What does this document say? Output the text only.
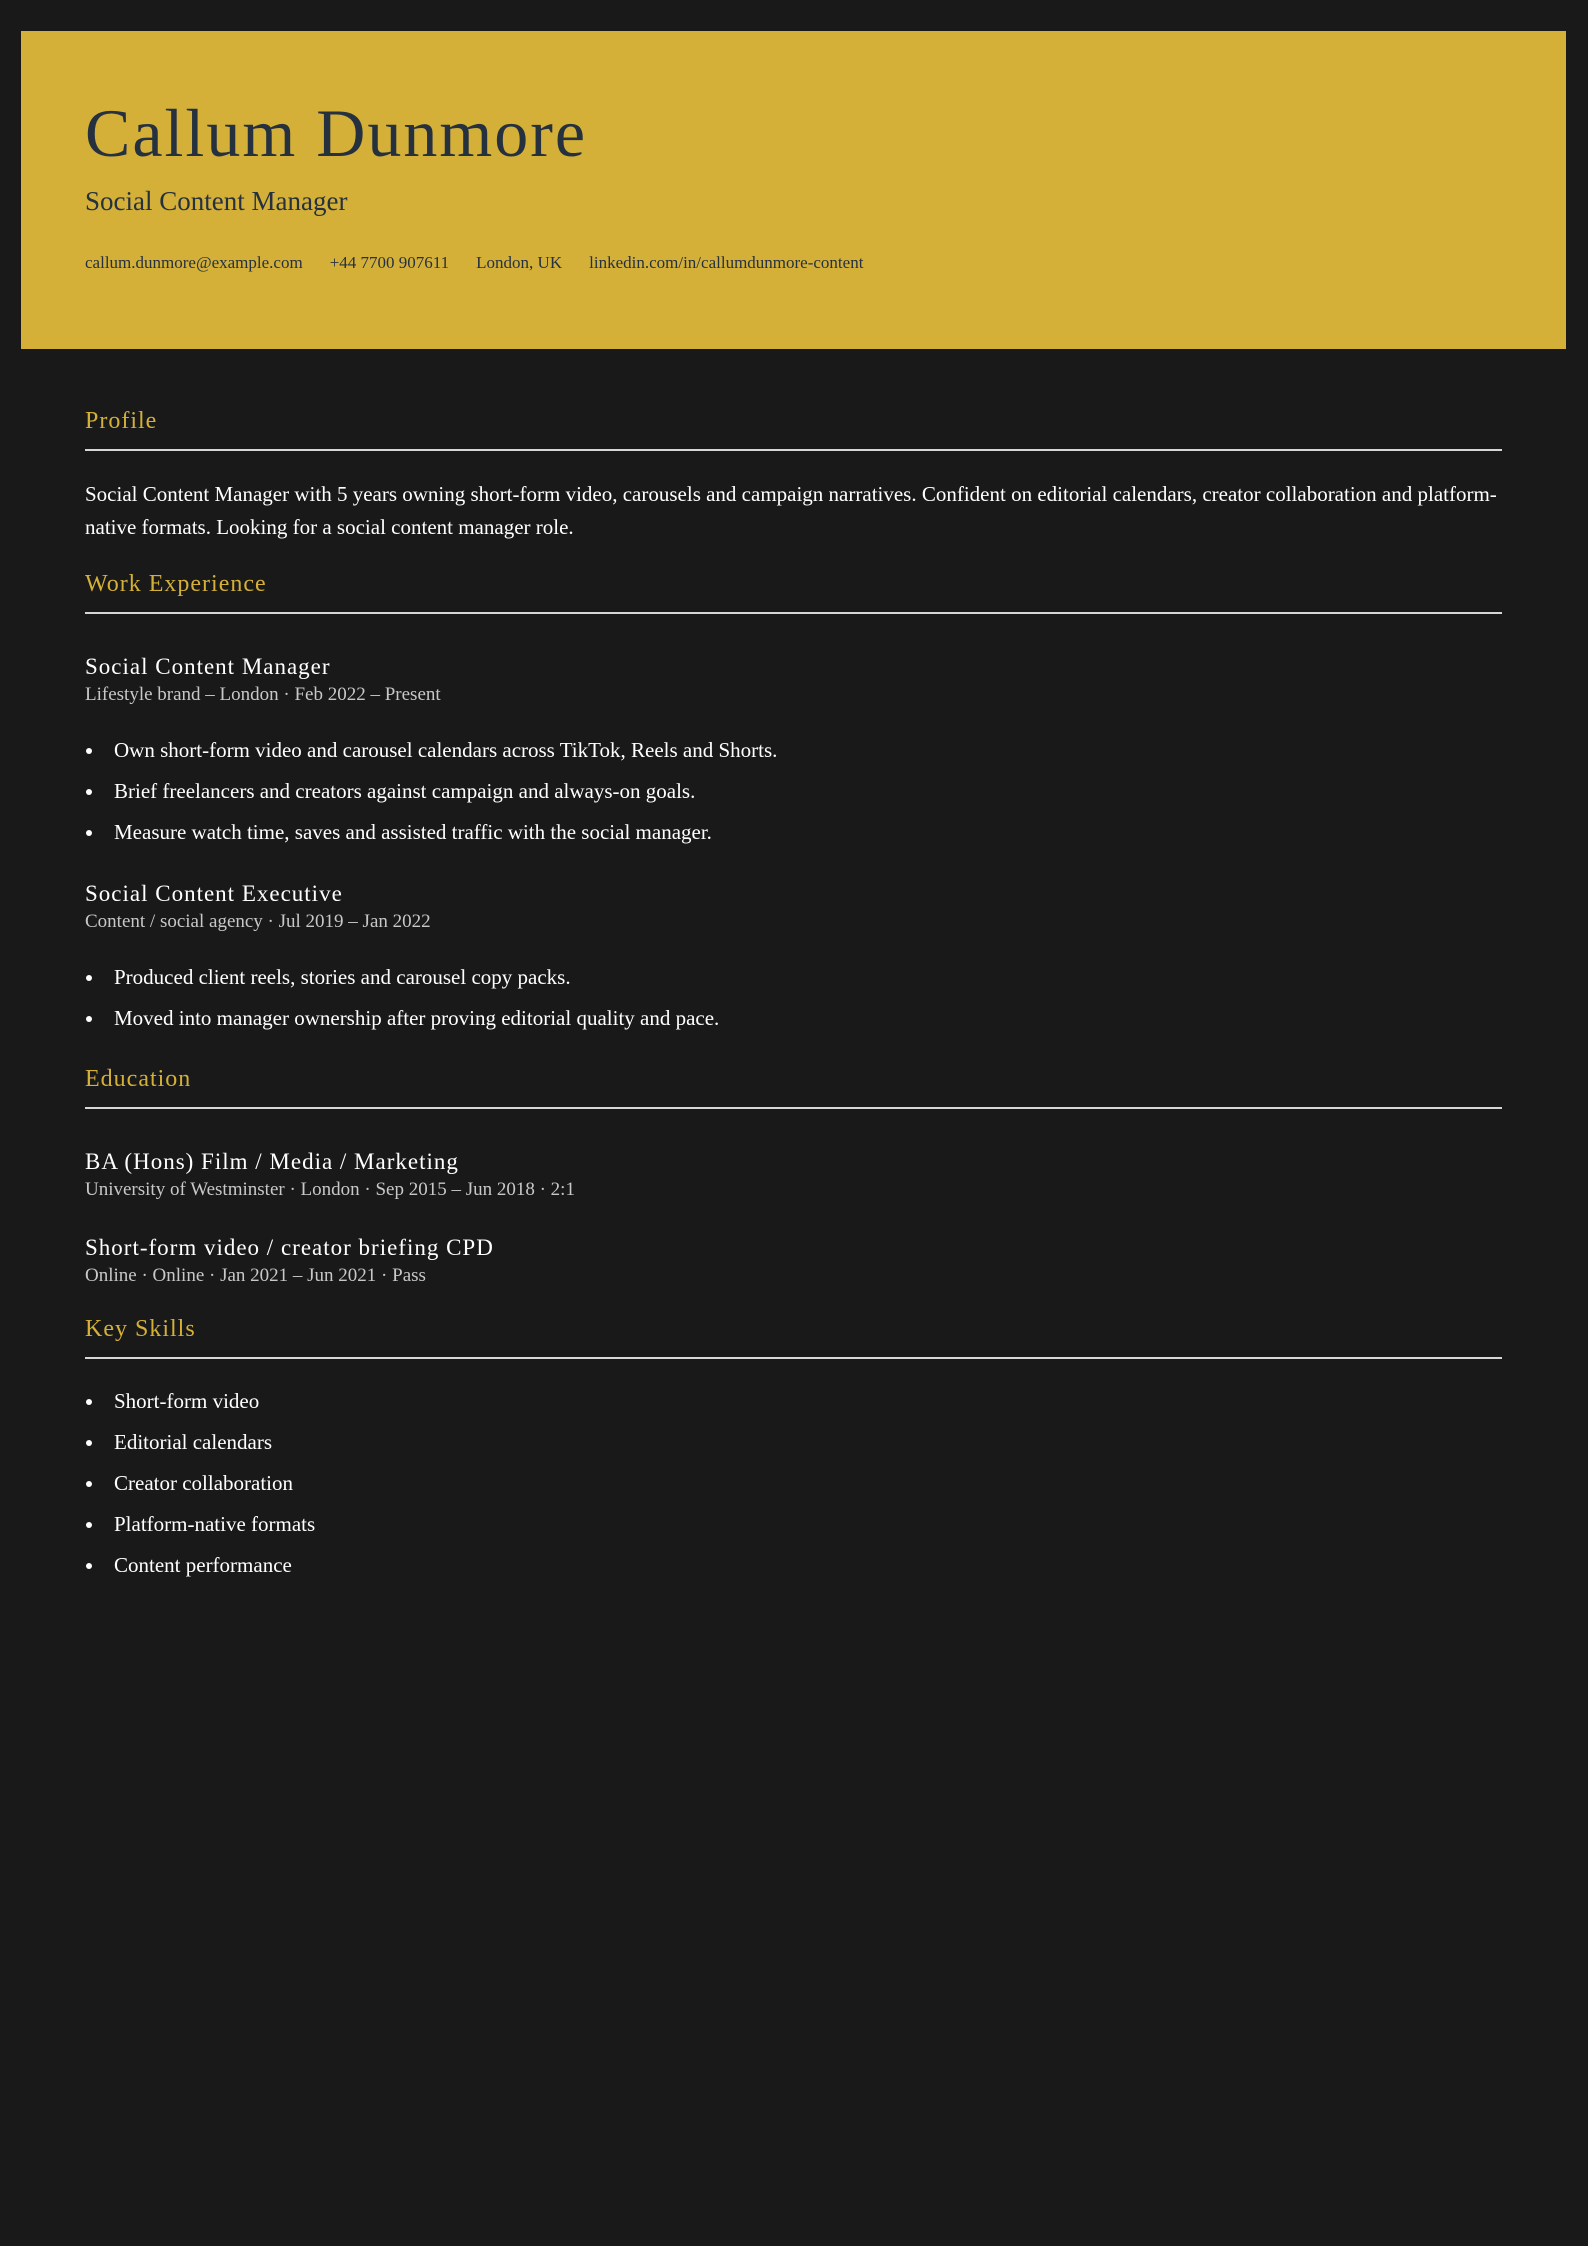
Callum Dunmore
Social Content Manager
callum.dunmore@example.com +44 7700 907611 London, UK linkedin.com/in/callumdunmore-content
Profile

Social Content Manager with 5 years owning short-form video, carousels and campaign narratives. Confident on editorial calendars, creator collaboration and platform-native formats. Looking for a social content manager role.

Work Experience
Social Content Manager
Lifestyle brand – London · Feb 2022 – Present
Own short-form video and carousel calendars across TikTok, Reels and Shorts.
Brief freelancers and creators against campaign and always-on goals.
Measure watch time, saves and assisted traffic with the social manager.
Social Content Executive
Content / social agency · Jul 2019 – Jan 2022
Produced client reels, stories and carousel copy packs.
Moved into manager ownership after proving editorial quality and pace.
Education
BA (Hons) Film / Media / Marketing
University of Westminster · London · Sep 2015 – Jun 2018 · 2:1
Short-form video / creator briefing CPD
Online · Online · Jan 2021 – Jun 2021 · Pass
Key Skills
Short-form video
Editorial calendars
Creator collaboration
Platform-native formats
Content performance
